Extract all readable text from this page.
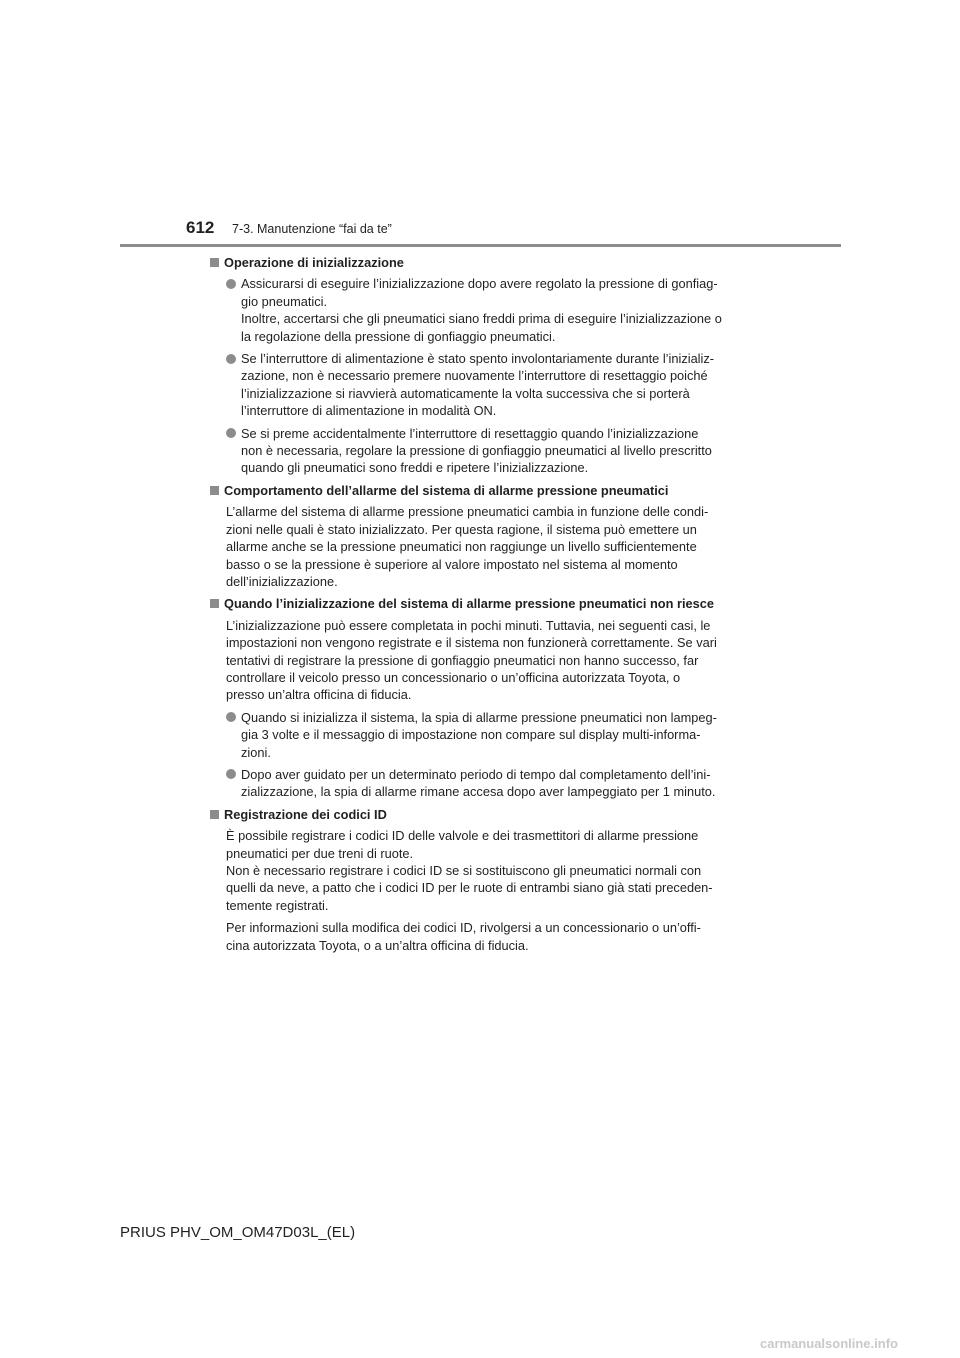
612 7-3. Manutenzione “fai da te”
Operazione di inizializzazione
Assicurarsi di eseguire l’inizializzazione dopo avere regolato la pressione di gonfiag-
gio pneumatici.
Inoltre, accertarsi che gli pneumatici siano freddi prima di eseguire l’inizializzazione o
la regolazione della pressione di gonfiaggio pneumatici.
Se l’interruttore di alimentazione è stato spento involontariamente durante l’inizializ-
zazione, non è necessario premere nuovamente l’interruttore di resettaggio poiché
l’inizializzazione si riavvierà automaticamente la volta successiva che si porterà
l’interruttore di alimentazione in modalità ON.
Se si preme accidentalmente l’interruttore di resettaggio quando l’inizializzazione
non è necessaria, regolare la pressione di gonfiaggio pneumatici al livello prescritto
quando gli pneumatici sono freddi e ripetere l’inizializzazione.
Comportamento dell’allarme del sistema di allarme pressione pneumatici
L’allarme del sistema di allarme pressione pneumatici cambia in funzione delle condi-
zioni nelle quali è stato inizializzato. Per questa ragione, il sistema può emettere un
allarme anche se la pressione pneumatici non raggiunge un livello sufficientemente
basso o se la pressione è superiore al valore impostato nel sistema al momento
dell’inizializzazione.
Quando l’inizializzazione del sistema di allarme pressione pneumatici non riesce
L’inizializzazione può essere completata in pochi minuti. Tuttavia, nei seguenti casi, le
impostazioni non vengono registrate e il sistema non funzionerà correttamente. Se vari
tentativi di registrare la pressione di gonfiaggio pneumatici non hanno successo, far
controllare il veicolo presso un concessionario o un’officina autorizzata Toyota, o
presso un’altra officina di fiducia.
Quando si inizializza il sistema, la spia di allarme pressione pneumatici non lampeg-
gia 3 volte e il messaggio di impostazione non compare sul display multi-informa-
zioni.
Dopo aver guidato per un determinato periodo di tempo dal completamento dell’ini-
zializzazione, la spia di allarme rimane accesa dopo aver lampeggiato per 1 minuto.
Registrazione dei codici ID
È possibile registrare i codici ID delle valvole e dei trasmettitori di allarme pressione
pneumatici per due treni di ruote.
Non è necessario registrare i codici ID se si sostituiscono gli pneumatici normali con
quelli da neve, a patto che i codici ID per le ruote di entrambi siano già stati preceden-
temente registrati.
Per informazioni sulla modifica dei codici ID, rivolgersi a un concessionario o un’offi-
cina autorizzata Toyota, o a un’altra officina di fiducia.
PRIUS PHV_OM_OM47D03L_(EL)
carmanualsonline.info
